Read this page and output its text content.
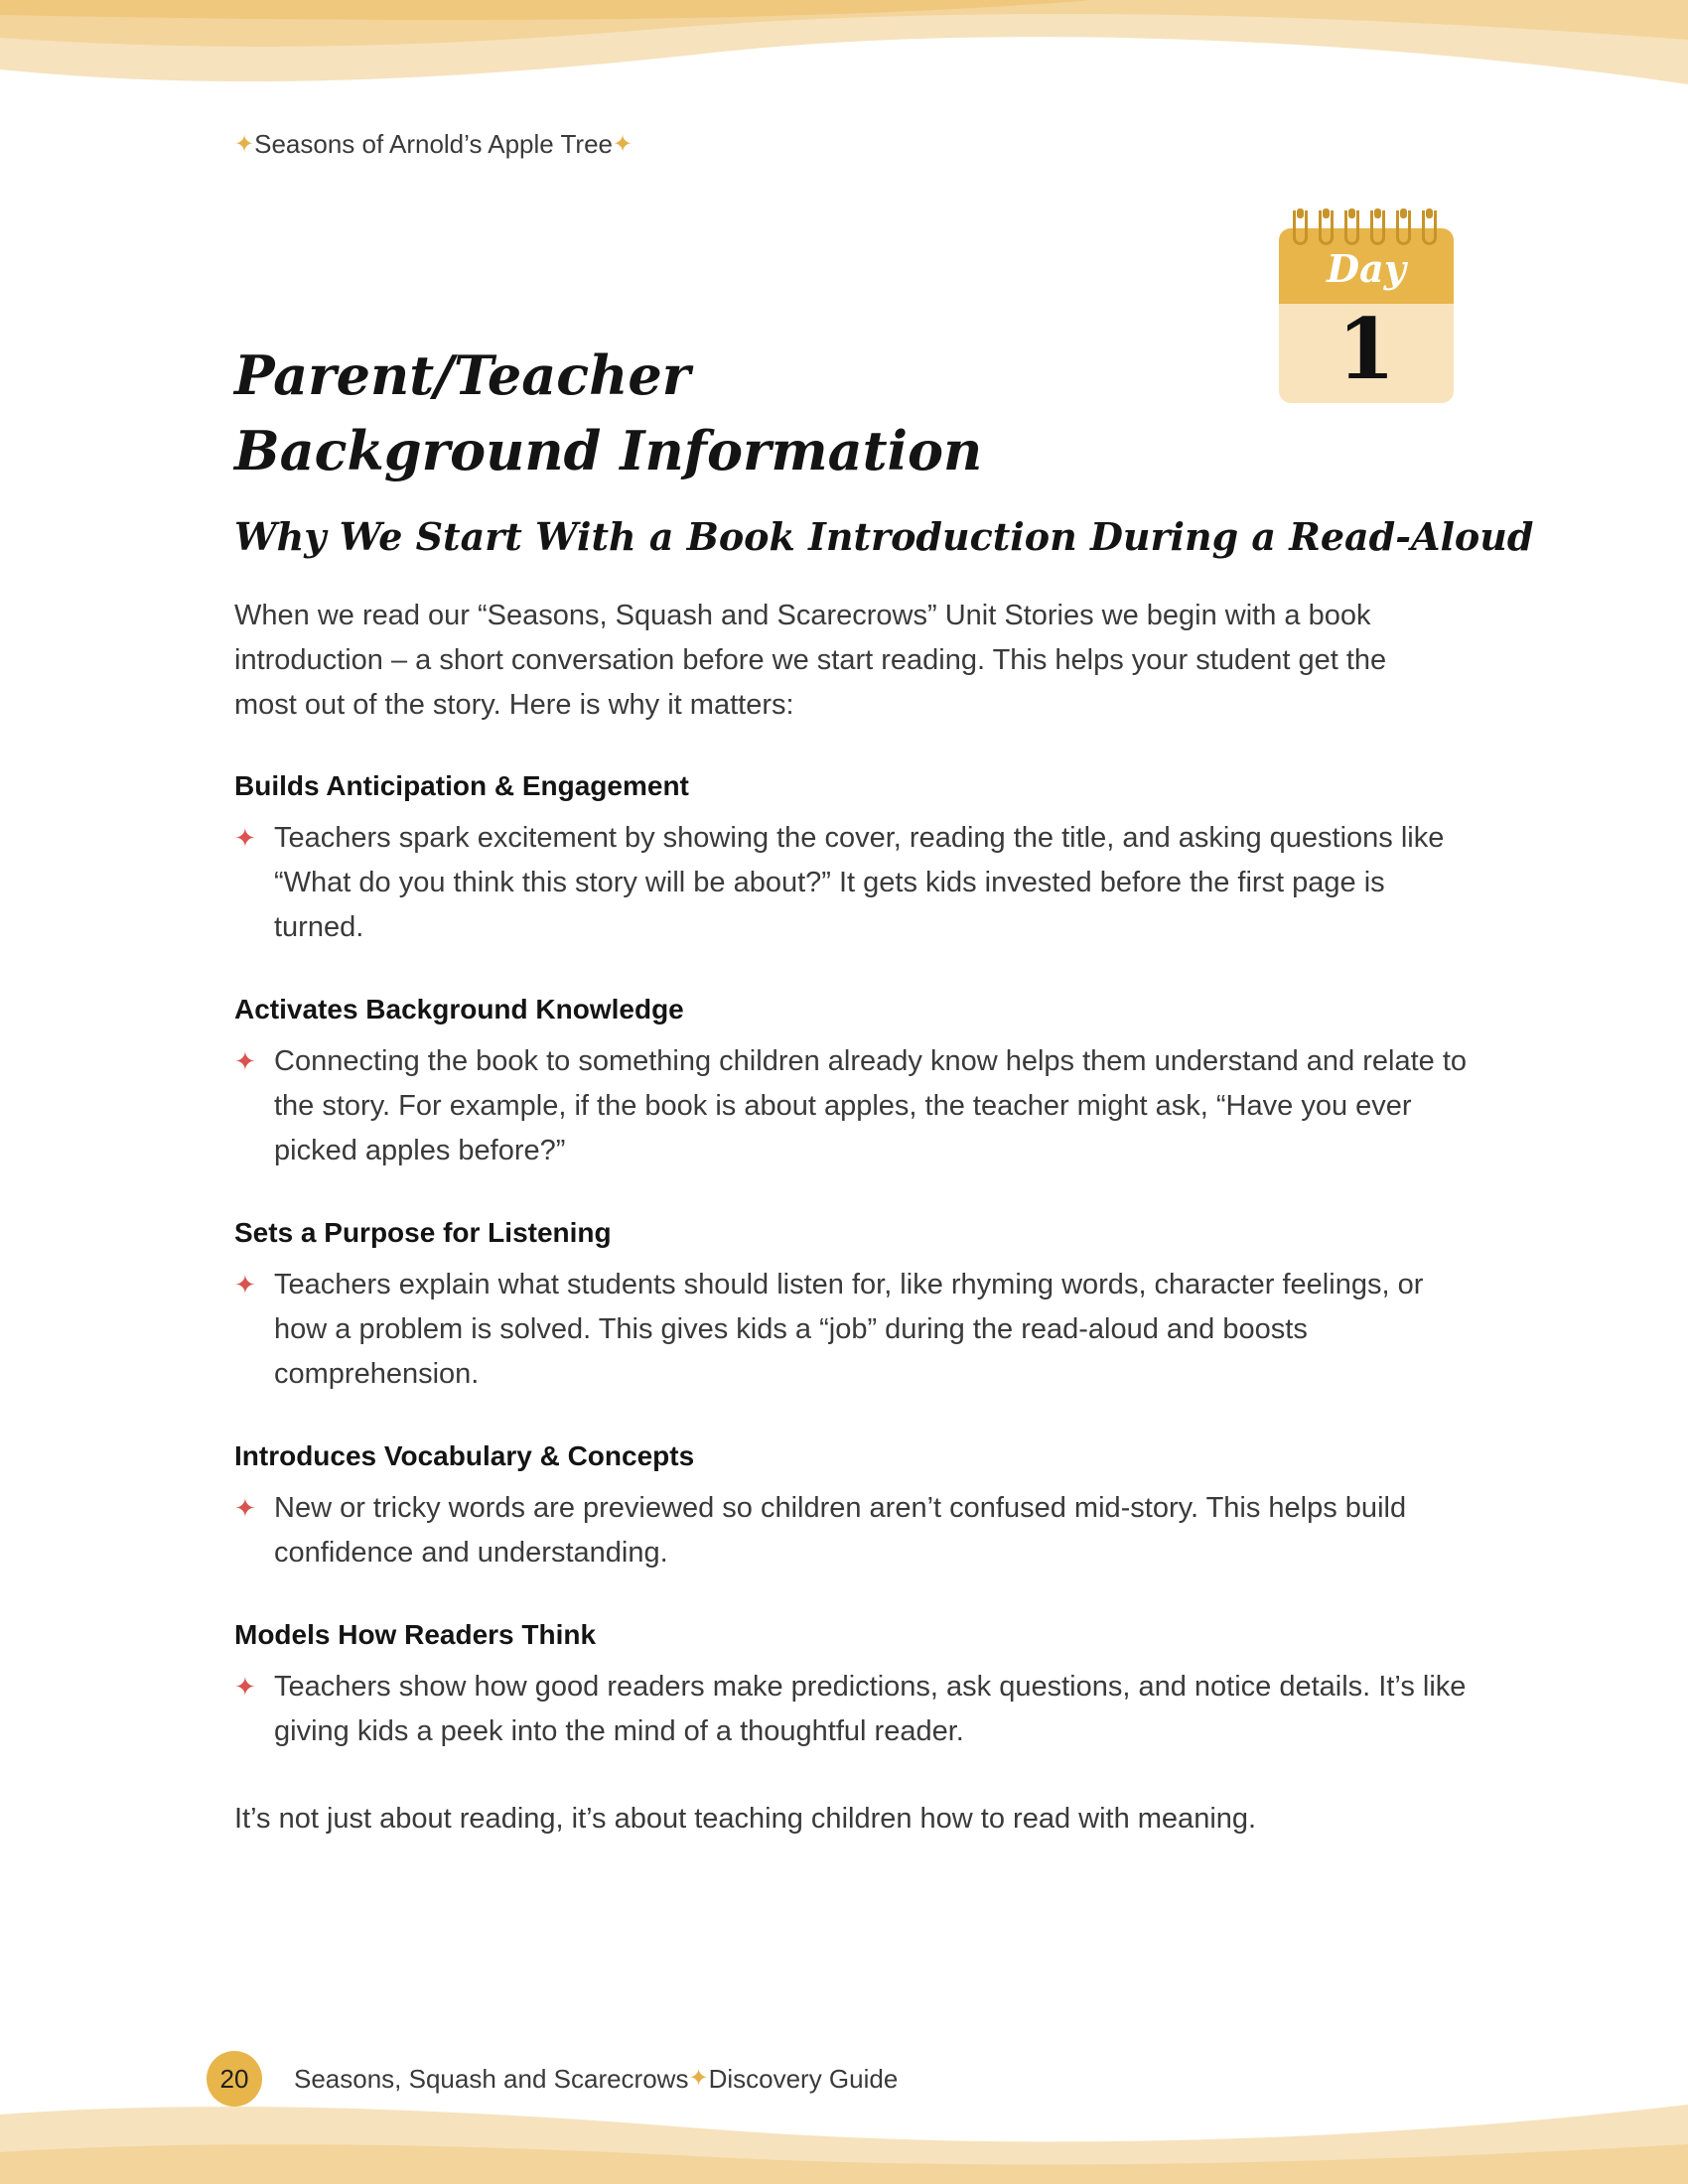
✦ Seasons of Arnold’s Apple Tree ✦
Day
1
Parent/Teacher
Background Information
Why We Start With a Book Introduction During a Read-Aloud

When we read our “Seasons, Squash and Scarecrows” Unit Stories we begin with a book introduction – a short conversation before we start reading. This helps your student get the most out of the story. Here is why it matters:

Builds Anticipation & Engagement
✦ Teachers spark excitement by showing the cover, reading the title, and asking questions like “What do you think this story will be about?” It gets kids invested before the first page is turned.

Activates Background Knowledge
✦ Connecting the book to something children already know helps them understand and relate to the story. For example, if the book is about apples, the teacher might ask, “Have you ever picked apples before?”

Sets a Purpose for Listening
✦ Teachers explain what students should listen for, like rhyming words, character feelings, or how a problem is solved. This gives kids a “job” during the read-aloud and boosts comprehension.

Introduces Vocabulary & Concepts
✦ New or tricky words are previewed so children aren’t confused mid-story. This helps build confidence and understanding.

Models How Readers Think
✦ Teachers show how good readers make predictions, ask questions, and notice details. It’s like giving kids a peek into the mind of a thoughtful reader.

It’s not just about reading, it’s about teaching children how to read with meaning.

20	Seasons, Squash and Scarecrows ✦ Discovery Guide
